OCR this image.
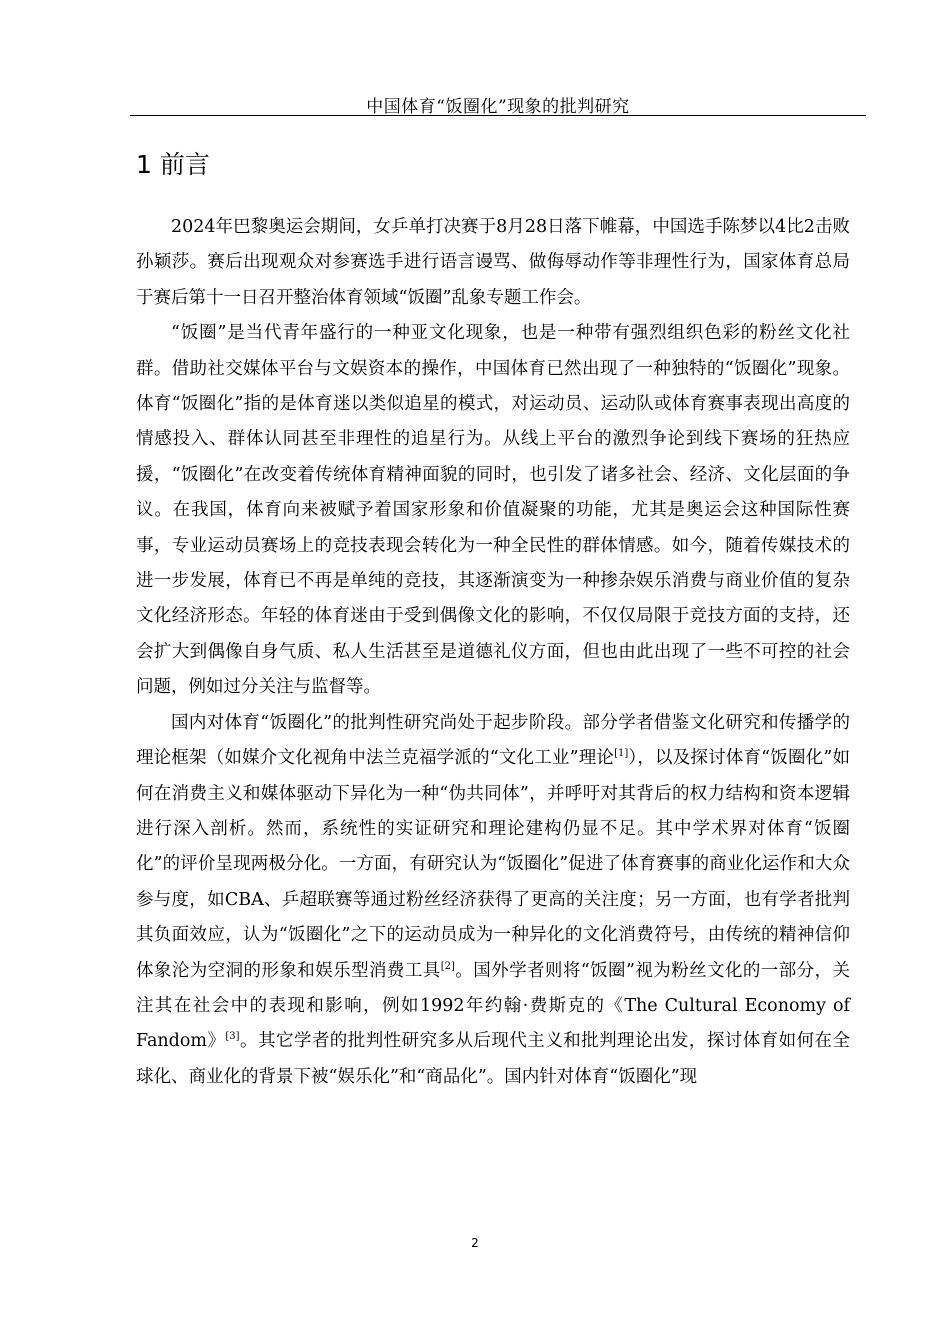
中国体育“饭圈化”现象的批判研究
1 前言

2024年巴黎奥运会期间，女乒单打决赛于8月28日落下帷幕，中国选手陈梦以4比2击败孙颖莎。赛后出现观众对参赛选手进行语言谩骂、做侮辱动作等非理性行为，国家体育总局于赛后第十一日召开整治体育领域“饭圈”乱象专题工作会。

“饭圈”是当代青年盛行的一种亚文化现象，也是一种带有强烈组织色彩的粉丝文化社群。借助社交媒体平台与文娱资本的操作，中国体育已然出现了一种独特的“饭圈化”现象。体育“饭圈化”指的是体育迷以类似追星的模式，对运动员、运动队或体育赛事表现出高度的情感投入、群体认同甚至非理性的追星行为。从线上平台的激烈争论到线下赛场的狂热应援，“饭圈化”在改变着传统体育精神面貌的同时，也引发了诸多社会、经济、文化层面的争议。在我国，体育向来被赋予着国家形象和价值凝聚的功能，尤其是奥运会这种国际性赛事，专业运动员赛场上的竞技表现会转化为一种全民性的群体情感。如今，随着传媒技术的进一步发展，体育已不再是单纯的竞技，其逐渐演变为一种掺杂娱乐消费与商业价值的复杂文化经济形态。年轻的体育迷由于受到偶像文化的影响，不仅仅局限于竞技方面的支持，还会扩大到偶像自身气质、私人生活甚至是道德礼仪方面，但也由此出现了一些不可控的社会问题，例如过分关注与监督等。

国内对体育“饭圈化”的批判性研究尚处于起步阶段。部分学者借鉴文化研究和传播学的理论框架（如媒介文化视角中法兰克福学派的“文化工业”理论[1]），以及探讨体育“饭圈化”如何在消费主义和媒体驱动下异化为一种“伪共同体”，并呼吁对其背后的权力结构和资本逻辑进行深入剖析。然而，系统性的实证研究和理论建构仍显不足。其中学术界对体育“饭圈化”的评价呈现两极分化。一方面，有研究认为“饭圈化”促进了体育赛事的商业化运作和大众参与度，如CBA、乒超联赛等通过粉丝经济获得了更高的关注度；另一方面，也有学者批判其负面效应，认为“饭圈化”之下的运动员成为一种异化的文化消费符号，由传统的精神信仰体象沦为空洞的形象和娱乐型消费工具[2]。国外学者则将“饭圈”视为粉丝文化的一部分，关注其在社会中的表现和影响，例如1992年约翰·费斯克的《The Cultural Economy of Fandom》[3]。其它学者的批判性研究多从后现代主义和批判理论出发，探讨体育如何在全球化、商业化的背景下被“娱乐化”和“商品化”。国内针对体育“饭圈化”现

2
